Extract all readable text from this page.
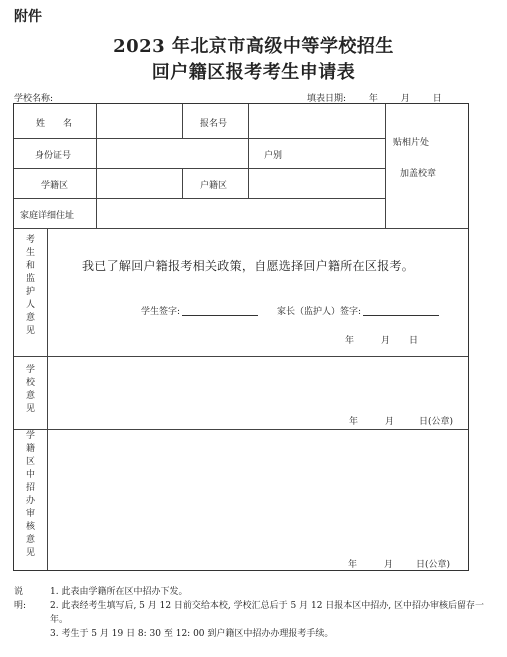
附件
2023 年北京市高级中等学校招生
回户籍区报考考生申请表
学校名称:	填表日期:	年	月	日
姓　　名	报名号
贴相片处
加盖校章
身份证号	户别
学籍区	户籍区
家庭详细住址
考
生
和
监
护
人
意
见
我已了解回户籍报考相关政策，自愿选择回户籍所在区报考。
学生签字:	家长（监护人）签字:
年	月 日
学
校
意
见
年	月	日(公章)
学
籍
区
中
招
办
审
核
意
见
年	月	日(公章)
说明:
1. 此表由学籍所在区中招办下发。
2. 此表经考生填写后, 5 月 12 日前交给本校, 学校汇总后于 5 月 12 日报本区中招办, 区中招办审核后留存一年。
3. 考生于 5 月 19 日 8: 30 至 12: 00 到户籍区中招办办理报考手续。
